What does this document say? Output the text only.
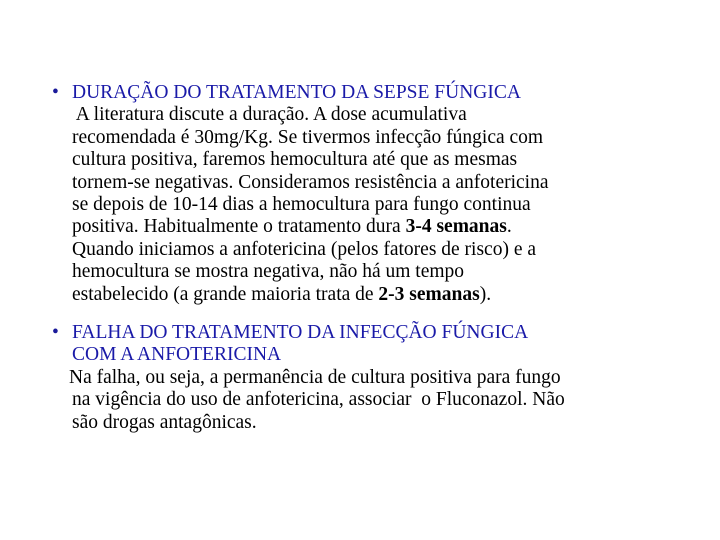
• DURAÇÃO DO TRATAMENTO DA SEPSE FÚNGICA
A literatura discute a duração. A dose acumulativa
recomendada é 30mg/Kg. Se tivermos infecção fúngica com
cultura positiva, faremos hemocultura até que as mesmas
tornem-se negativas. Consideramos resistência a anfotericina
se depois de 10-14 dias a hemocultura para fungo continua
positiva. Habitualmente o tratamento dura 3-4 semanas.
Quando iniciamos a anfotericina (pelos fatores de risco) e a
hemocultura se mostra negativa, não há um tempo
estabelecido (a grande maioria trata de 2-3 semanas).
• FALHA DO TRATAMENTO DA INFECÇÃO FÚNGICA
COM A ANFOTERICINA
Na falha, ou seja, a permanência de cultura positiva para fungo
na vigência do uso de anfotericina, associar  o Fluconazol. Não
são drogas antagônicas.
